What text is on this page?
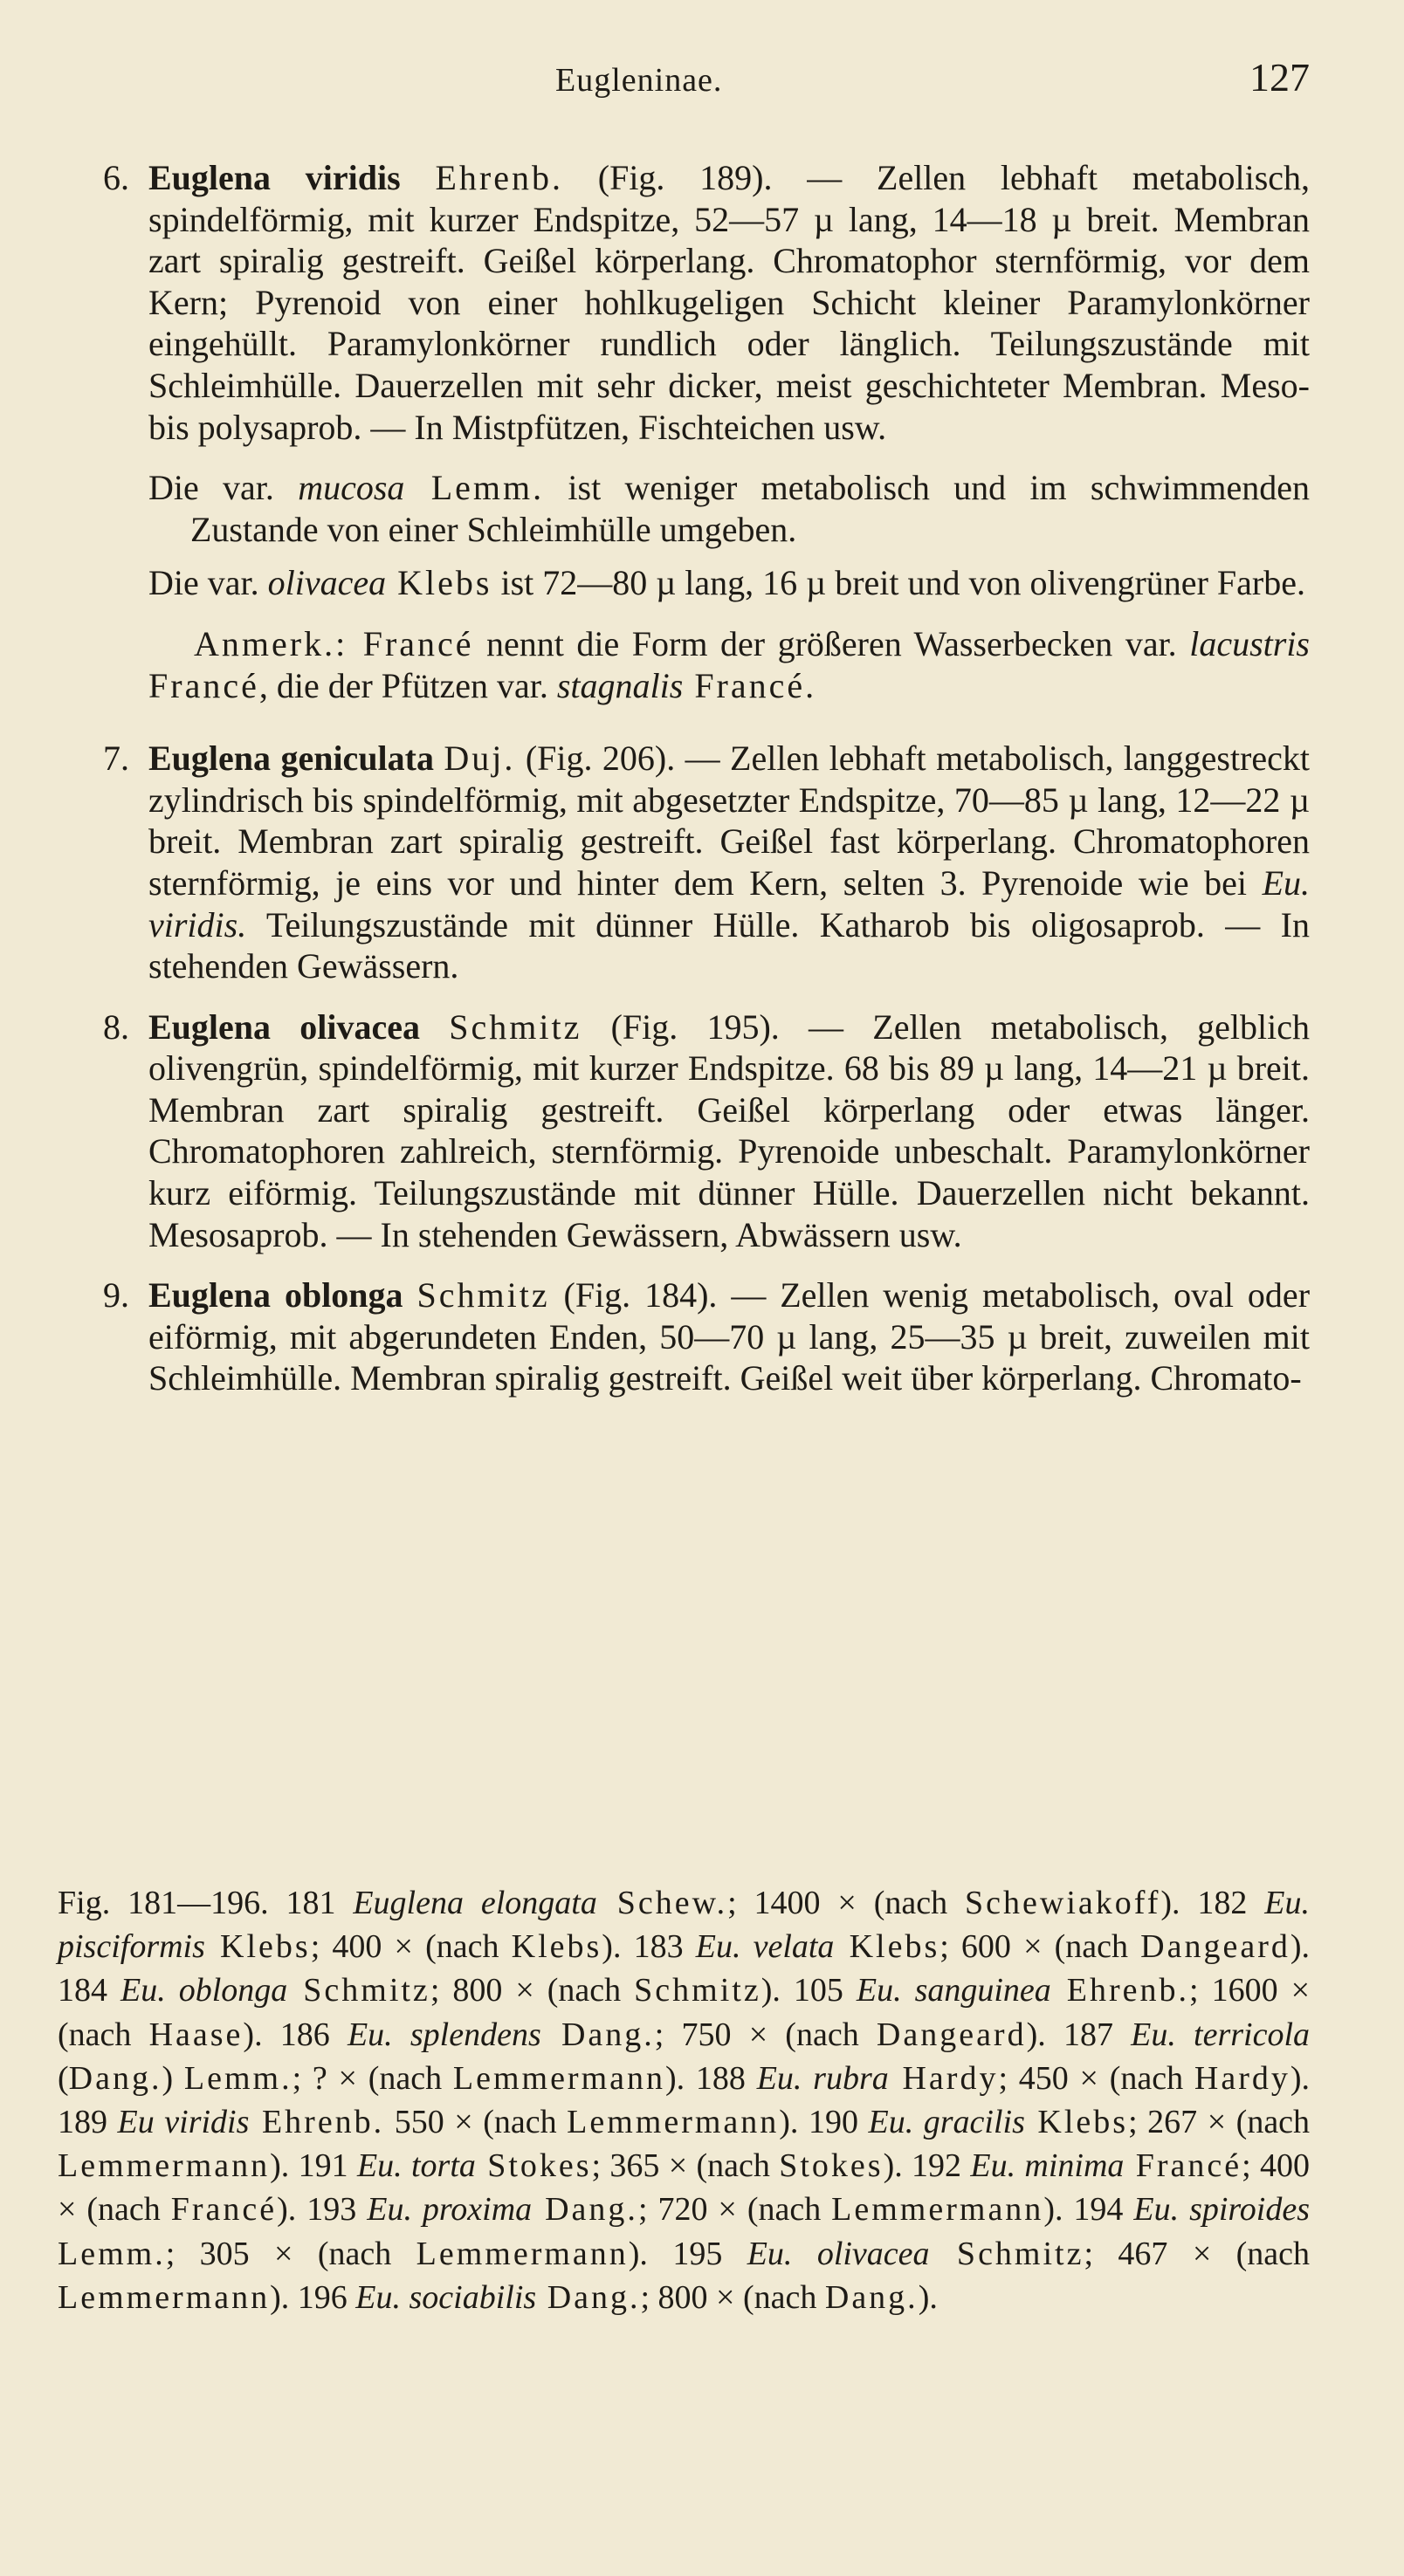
Eugleninae.	127
6. Euglena viridis Ehrenb. (Fig. 189). — Zellen lebhaft metabolisch, spindelförmig, mit kurzer Endspitze, 52—57 µ lang, 14—18 µ breit. Membran zart spiralig gestreift. Geißel körperlang. Chromatophor sternförmig, vor dem Kern; Pyrenoid von einer hohlkugeligen Schicht kleiner Paramylonkörner eingehüllt. Paramylonkörner rundlich oder länglich. Teilungszustände mit Schleimhülle. Dauerzellen mit sehr dicker, meist geschichteter Membran. Meso- bis polysaprob. — In Mistpfützen, Fischteichen usw.
Die var. mucosa Lemm. ist weniger metabolisch und im schwimmenden Zustande von einer Schleimhülle umgeben.
Die var. olivacea Klebs ist 72—80 µ lang, 16 µ breit und von olivengrüner Farbe.
Anmerk.: Francé nennt die Form der größeren Wasserbecken var. lacustris Francé, die der Pfützen var. stagnalis Francé.
7. Euglena geniculata Duj. (Fig. 206). — Zellen lebhaft metabolisch, langgestreckt zylindrisch bis spindelförmig, mit abgesetzter Endspitze, 70—85 µ lang, 12—22 µ breit. Membran zart spiralig gestreift. Geißel fast körperlang. Chromatophoren sternförmig, je eins vor und hinter dem Kern, selten 3. Pyrenoide wie bei Eu. viridis. Teilungszustände mit dünner Hülle. Katharob bis oligosaprob. — In stehenden Gewässern.
8. Euglena olivacea Schmitz (Fig. 195). — Zellen metabolisch, gelblich olivengrün, spindelförmig, mit kurzer Endspitze. 68 bis 89 µ lang, 14—21 µ breit. Membran zart spiralig gestreift. Geißel körperlang oder etwas länger. Chromatophoren zahlreich, sternförmig. Pyrenoide unbeschalt. Paramylonkörner kurz eiförmig. Teilungszustände mit dünner Hülle. Dauerzellen nicht bekannt. Mesosaprob. — In stehenden Gewässern, Abwässern usw.
9. Euglena oblonga Schmitz (Fig. 184). — Zellen wenig metabolisch, oval oder eiförmig, mit abgerundeten Enden, 50—70 µ lang, 25—35 µ breit, zuweilen mit Schleimhülle. Membran spiralig gestreift. Geißel weit über körperlang. Chromato-
Fig. 181—196. 181 Euglena elongata Schew.; 1400 × (nach Schewiakoff). 182 Eu. pisciformis Klebs; 400 × (nach Klebs). 183 Eu. velata Klebs; 600 × (nach Dangeard). 184 Eu. oblonga Schmitz; 800 × (nach Schmitz). 105 Eu. sanguinea Ehrenb.; 1600 × (nach Haase). 186 Eu. splendens Dang.; 750 × (nach Dangeard). 187 Eu. terricola (Dang.) Lemm.; ? × (nach Lemmermann). 188 Eu. rubra Hardy; 450 × (nach Hardy). 189 Eu viridis Ehrenb. 550 × (nach Lemmermann). 190 Eu. gracilis Klebs; 267 × (nach Lemmermann). 191 Eu. torta Stokes; 365 × (nach Stokes). 192 Eu. minima Francé; 400 × (nach Francé). 193 Eu. proxima Dang.; 720 × (nach Lemmermann). 194 Eu. spiroides Lemm.; 305 × (nach Lemmermann). 195 Eu. olivacea Schmitz; 467 × (nach Lemmermann). 196 Eu. sociabilis Dang.; 800 × (nach Dang.).
